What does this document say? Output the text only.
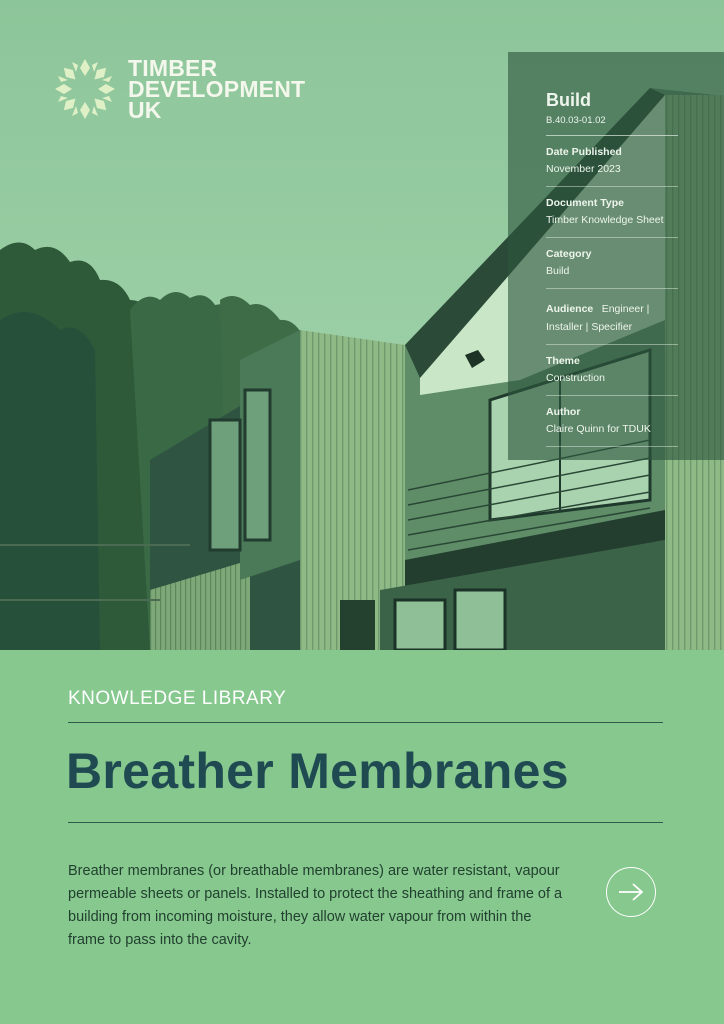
TIMBER
DEVELOPMENT
UK	Build
B.40.03-01.02
Date Published
November 2023
Document Type
Timber Knowledge Sheet
Category
Build
Audience Engineer | Installer | Specifier
Theme
Construction
Author
Claire Quinn for TDUK
KNOWLEDGE LIBRARY
Breather Membranes

Breather membranes (or breathable membranes) are water resistant, vapour permeable sheets or panels. Installed to protect the sheathing and frame of a building from incoming moisture, they allow water vapour from within the frame to pass into the cavity.
